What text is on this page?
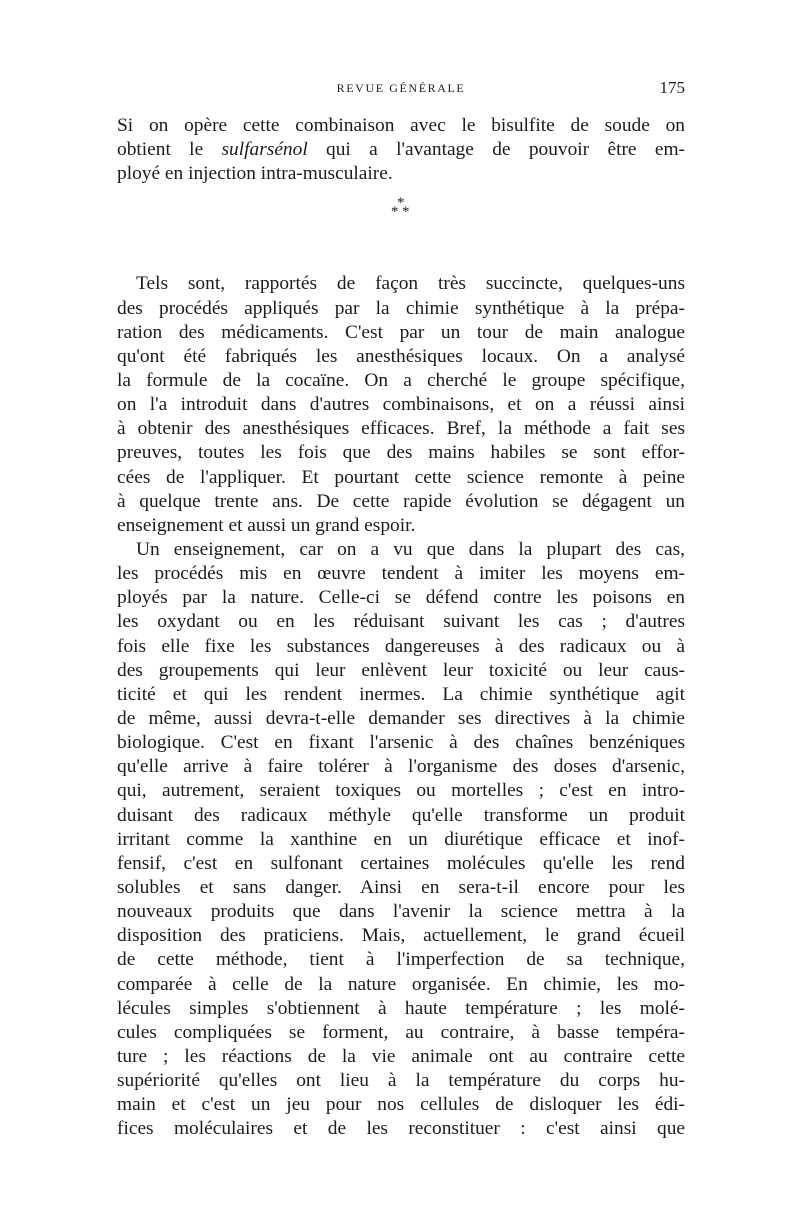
REVUE GÉNÉRALE	175
Si on opère cette combinaison avec le bisulfite de soude on
obtient le sulfarsénol qui a l'avantage de pouvoir être em-
ployé en injection intra-musculaire.
*
* *
Tels sont, rapportés de façon très succincte, quelques-uns
des procédés appliqués par la chimie synthétique à la prépa-
ration des médicaments. C'est par un tour de main analogue
qu'ont été fabriqués les anesthésiques locaux. On a analysé
la formule de la cocaïne. On a cherché le groupe spécifique,
on l'a introduit dans d'autres combinaisons, et on a réussi ainsi
à obtenir des anesthésiques efficaces. Bref, la méthode a fait ses
preuves, toutes les fois que des mains habiles se sont effor-
cées de l'appliquer. Et pourtant cette science remonte à peine
à quelque trente ans. De cette rapide évolution se dégagent un
enseignement et aussi un grand espoir.
Un enseignement, car on a vu que dans la plupart des cas,
les procédés mis en œuvre tendent à imiter les moyens em-
ployés par la nature. Celle-ci se défend contre les poisons en
les oxydant ou en les réduisant suivant les cas ; d'autres
fois elle fixe les substances dangereuses à des radicaux ou à
des groupements qui leur enlèvent leur toxicité ou leur caus-
ticité et qui les rendent inermes. La chimie synthétique agit
de même, aussi devra-t-elle demander ses directives à la chimie
biologique. C'est en fixant l'arsenic à des chaînes benzéniques
qu'elle arrive à faire tolérer à l'organisme des doses d'arsenic,
qui, autrement, seraient toxiques ou mortelles ; c'est en intro-
duisant des radicaux méthyle qu'elle transforme un produit
irritant comme la xanthine en un diurétique efficace et inof-
fensif, c'est en sulfonant certaines molécules qu'elle les rend
solubles et sans danger. Ainsi en sera-t-il encore pour les
nouveaux produits que dans l'avenir la science mettra à la
disposition des praticiens. Mais, actuellement, le grand écueil
de cette méthode, tient à l'imperfection de sa technique,
comparée à celle de la nature organisée. En chimie, les mo-
lécules simples s'obtiennent à haute température ; les molé-
cules compliquées se forment, au contraire, à basse tempéra-
ture ; les réactions de la vie animale ont au contraire cette
supériorité qu'elles ont lieu à la température du corps hu-
main et c'est un jeu pour nos cellules de disloquer les édi-
fices moléculaires et de les reconstituer : c'est ainsi que
